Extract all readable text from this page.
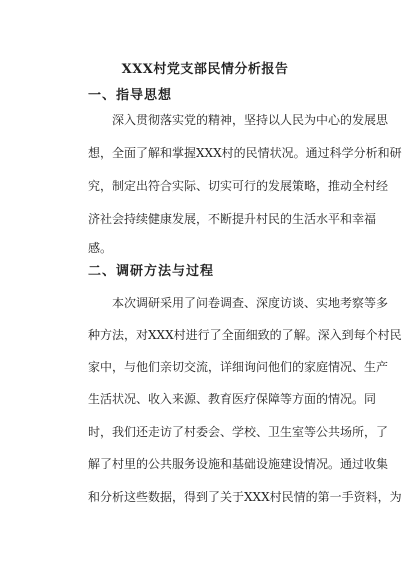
XXX村党支部民情分析报告
一、指导思想
深入贯彻落实党的精神，坚持以人民为中心的发展思
想，全面了解和掌握XXX村的民情状况。通过科学分析和研
究，制定出符合实际、切实可行的发展策略，推动全村经
济社会持续健康发展，不断提升村民的生活水平和幸福
感。
二、调研方法与过程
本次调研采用了问卷调查、深度访谈、实地考察等多
种方法，对XXX村进行了全面细致的了解。深入到每个村民
家中，与他们亲切交流，详细询问他们的家庭情况、生产
生活状况、收入来源、教育医疗保障等方面的情况。同
时，我们还走访了村委会、学校、卫生室等公共场所，了
解了村里的公共服务设施和基础设施建设情况。通过收集
和分析这些数据，得到了关于XXX村民情的第一手资料，为
